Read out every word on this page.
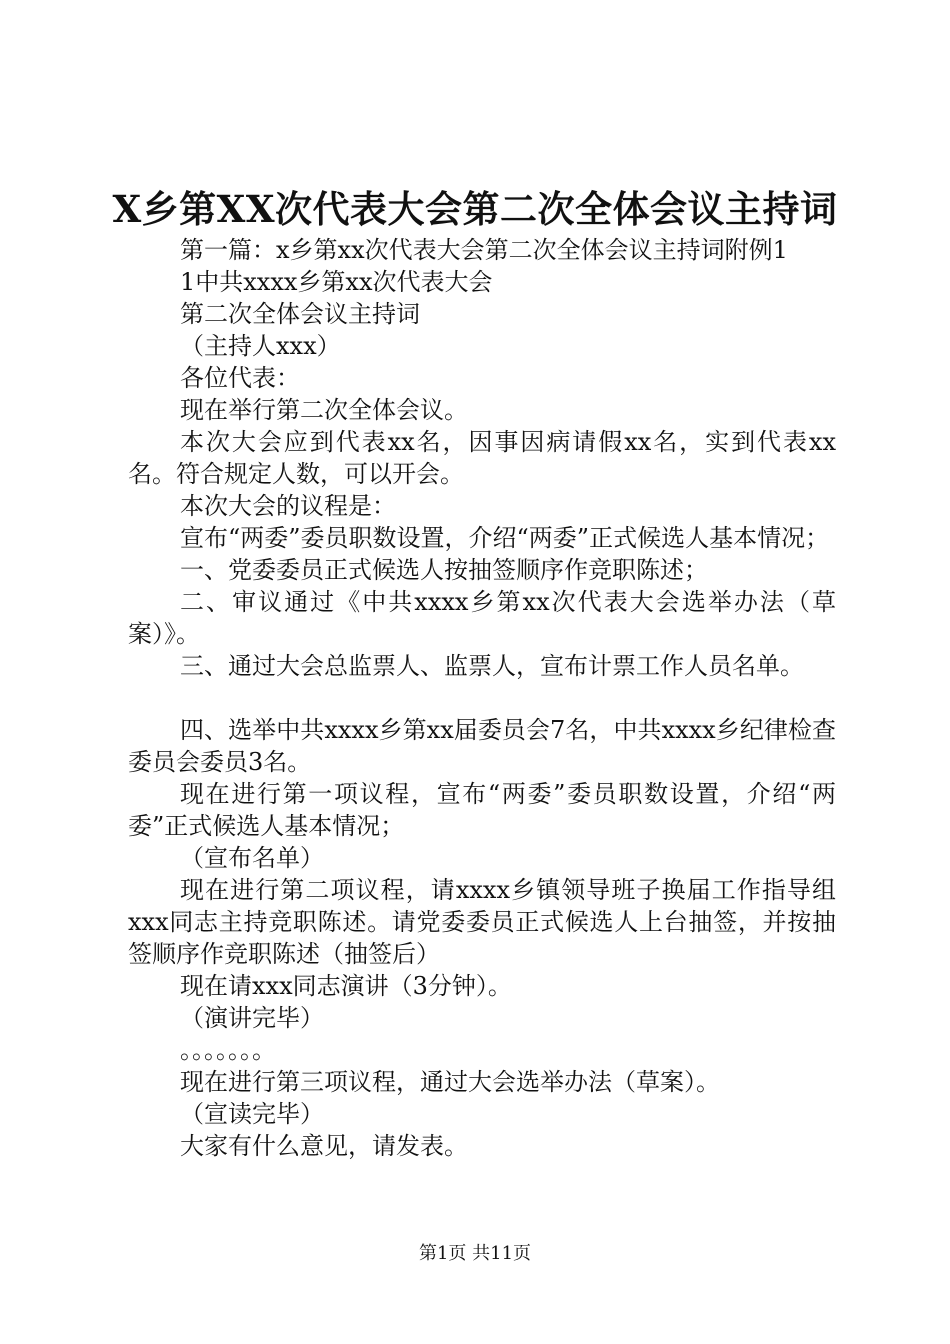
X乡第XX次代表大会第二次全体会议主持词

第一篇：x乡第xx次代表大会第二次全体会议主持词附例1

1中共xxxx乡第xx次代表大会

第二次全体会议主持词

（主持人xxx）

各位代表：

现在举行第二次全体会议。

本次大会应到代表xx名，因事因病请假xx名，实到代表xx名。符合规定人数，可以开会。

本次大会的议程是：

宣布“两委”委员职数设置，介绍“两委”正式候选人基本情况；

一、党委委员正式候选人按抽签顺序作竞职陈述；

二、审议通过《中共xxxx乡第xx次代表大会选举办法（草案）》。

三、通过大会总监票人、监票人，宣布计票工作人员名单。

四、选举中共xxxx乡第xx届委员会7名，中共xxxx乡纪律检查委员会委员3名。

现在进行第一项议程，宣布“两委”委员职数设置，介绍“两委”正式候选人基本情况；

（宣布名单）

现在进行第二项议程，请xxxx乡镇领导班子换届工作指导组xxx同志主持竞职陈述。请党委委员正式候选人上台抽签，并按抽签顺序作竞职陈述（抽签后）

现在请xxx同志演讲（3分钟）。

（演讲完毕）

。。。。。。。

现在进行第三项议程，通过大会选举办法（草案）。

（宣读完毕）

大家有什么意见，请发表。

第1页 共11页
